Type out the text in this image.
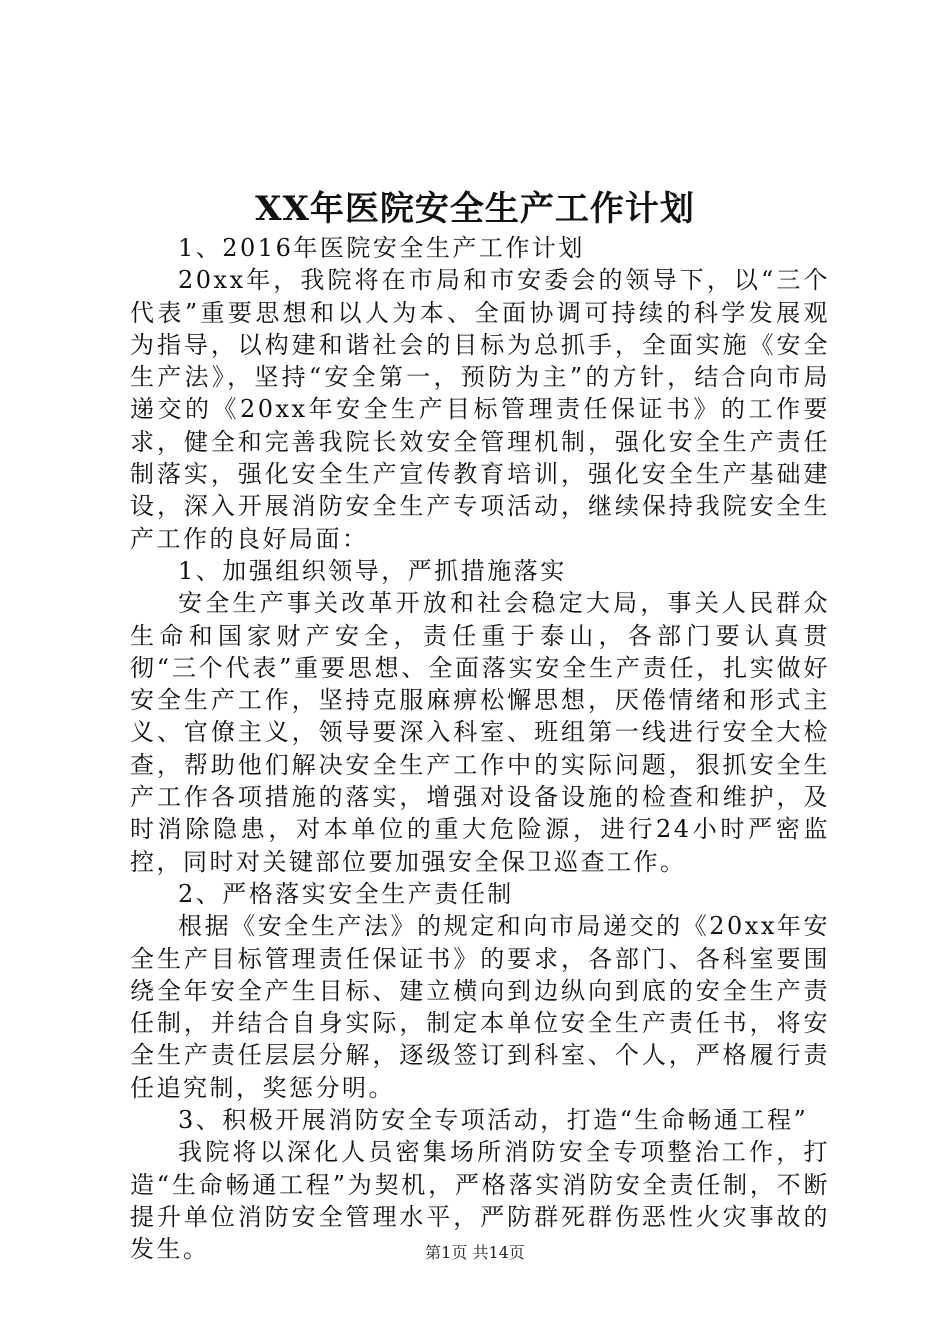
XX年医院安全生产工作计划

1、2016年医院安全生产工作计划

20xx年，我院将在市局和市安委会的领导下，以“三个代表”重要思想和以人为本、全面协调可持续的科学发展观为指导，以构建和谐社会的目标为总抓手，全面实施《安全生产法》，坚持“安全第一，预防为主”的方针，结合向市局递交的《20xx年安全生产目标管理责任保证书》的工作要求，健全和完善我院长效安全管理机制，强化安全生产责任制落实，强化安全生产宣传教育培训，强化安全生产基础建设，深入开展消防安全生产专项活动，继续保持我院安全生产工作的良好局面：

1、加强组织领导，严抓措施落实

安全生产事关改革开放和社会稳定大局，事关人民群众生命和国家财产安全，责任重于泰山，各部门要认真贯彻“三个代表”重要思想、全面落实安全生产责任，扎实做好安全生产工作，坚持克服麻痹松懈思想，厌倦情绪和形式主义、官僚主义，领导要深入科室、班组第一线进行安全大检查，帮助他们解决安全生产工作中的实际问题，狠抓安全生产工作各项措施的落实，增强对设备设施的检查和维护，及时消除隐患，对本单位的重大危险源，进行24小时严密监控，同时对关键部位要加强安全保卫巡查工作。

2、严格落实安全生产责任制

根据《安全生产法》的规定和向市局递交的《20xx年安全生产目标管理责任保证书》的要求，各部门、各科室要围绕全年安全产生目标、建立横向到边纵向到底的安全生产责任制，并结合自身实际，制定本单位安全生产责任书，将安全生产责任层层分解，逐级签订到科室、个人，严格履行责任追究制，奖惩分明。

3、积极开展消防安全专项活动，打造“生命畅通工程”

我院将以深化人员密集场所消防安全专项整治工作，打造“生命畅通工程”为契机，严格落实消防安全责任制，不断提升单位消防安全管理水平，严防群死群伤恶性火灾事故的发生。	第1页 共14页
